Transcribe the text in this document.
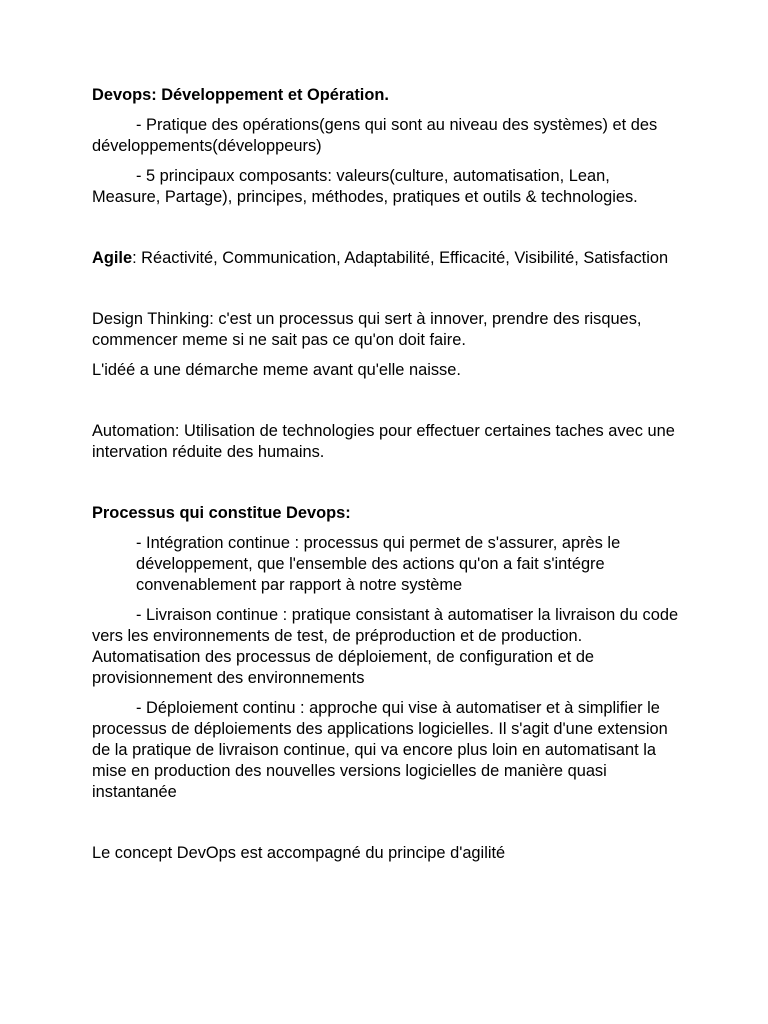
Devops: Développement et Opération.

- Pratique des opérations(gens qui sont au niveau des systèmes) et des développements(développeurs)

- 5 principaux composants: valeurs(culture, automatisation, Lean, Measure, Partage), principes, méthodes, pratiques et outils & technologies.

Agile: Réactivité, Communication, Adaptabilité, Efficacité, Visibilité, Satisfaction

Design Thinking: c'est un processus qui sert à innover, prendre des risques, commencer meme si ne sait pas ce qu'on doit faire.

L'idéé a une démarche meme avant qu'elle naisse.

Automation: Utilisation de technologies pour effectuer certaines taches avec une intervation réduite des humains.

Processus qui constitue Devops:

- Intégration continue : processus qui permet de s'assurer, après le développement, que l'ensemble des actions qu'on a fait s'intégre convenablement par rapport à notre système

- Livraison continue : pratique consistant à automatiser la livraison du code vers les environnements de test, de préproduction et de production. Automatisation des processus de déploiement, de configuration et de provisionnement des environnements

- Déploiement continu : approche qui vise à automatiser et à simplifier le processus de déploiements des applications logicielles. Il s'agit d'une extension de la pratique de livraison continue, qui va encore plus loin en automatisant la mise en production des nouvelles versions logicielles de manière quasi instantanée

Le concept DevOps est accompagné du principe d'agilité
